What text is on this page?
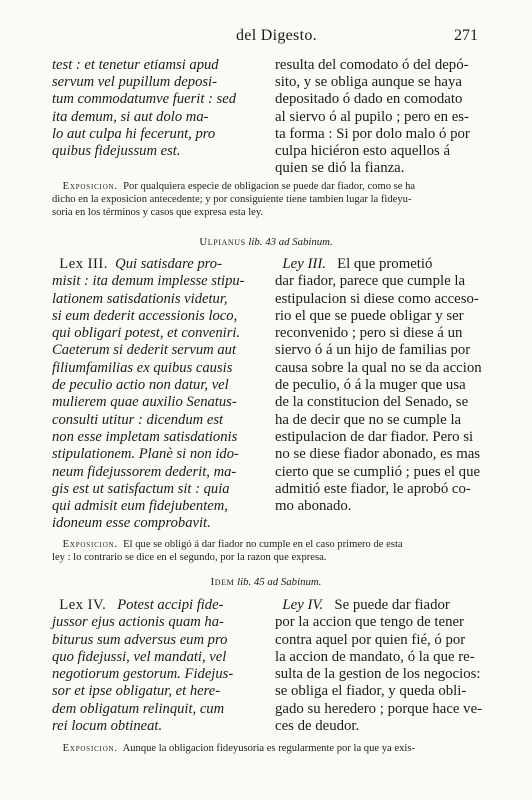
del Digesto.	271
test : et tenetur etiamsi apud
servum vel pupillum deposi-
tum commodatumve fuerit : sed
ita demum, si aut dolo ma-
lo aut culpa hi fecerunt, pro
quibus fidejussum est.
resulta del comodato ó del depó-
sito, y se obliga aunque se haya
depositado ó dado en comodato
al siervo ó al pupilo ; pero en es-
ta forma : Si por dolo malo ó por
culpa hiciéron esto aquellos á
quien se dió la fianza.
Exposicion. Por qualquiera especie de obligacion se puede dar fiador, como se ha
dicho en la exposicion antecedente; y por consiguiente tiene tambien lugar la fideyu-
soria en los términos y casos que expresa esta ley.
Ulpianus lib. 43 ad Sabinum.
Lex III. Qui satisdare pro-
misit : ita demum implesse stipu-
lationem satisdationis videtur,
si eum dederit accessionis loco,
qui obligari potest, et conveniri.
Caeterum si dederit servum aut
filiumfamilias ex quibus causis
de peculio actio non datur, vel
mulierem quae auxilio Senatus-
consulti utitur : dicendum est
non esse impletam satisdationis
stipulationem. Planè si non ido-
neum fidejussorem dederit, ma-
gis est ut satisfactum sit : quia
qui admisit eum fidejubentem,
idoneum esse comprobavit.
Ley III. El que prometió
dar fiador, parece que cumple la
estipulacion si diese como acceso-
rio el que se puede obligar y ser
reconvenido ; pero si diese á un
siervo ó á un hijo de familias por
causa sobre la qual no se da accion
de peculio, ó á la muger que usa
de la constitucion del Senado, se
ha de decir que no se cumple la
estipulacion de dar fiador. Pero si
no se diese fiador abonado, es mas
cierto que se cumplió ; pues el que
admitió este fiador, le aprobó co-
mo abonado.
Exposicion. El que se obligó á dar fiador no cumple en el caso primero de esta
ley : lo contrario se dice en el segundo, por la razon que expresa.
Idem lib. 45 ad Sabinum.
Lex IV. Potest accipi fide-
jussor ejus actionis quam ha-
biturus sum adversus eum pro
quo fidejussi, vel mandati, vel
negotiorum gestorum. Fidejus-
sor et ipse obligatur, et here-
dem obligatum relinquit, cum
rei locum obtineat.
Ley IV. Se puede dar fiador
por la accion que tengo de tener
contra aquel por quien fié, ó por
la accion de mandato, ó la que re-
sulta de la gestion de los negocios:
se obliga el fiador, y queda obli-
gado su heredero ; porque hace ve-
ces de deudor.
Exposicion. Aunque la obligacion fideyusoria es regularmente por la que ya exis-
